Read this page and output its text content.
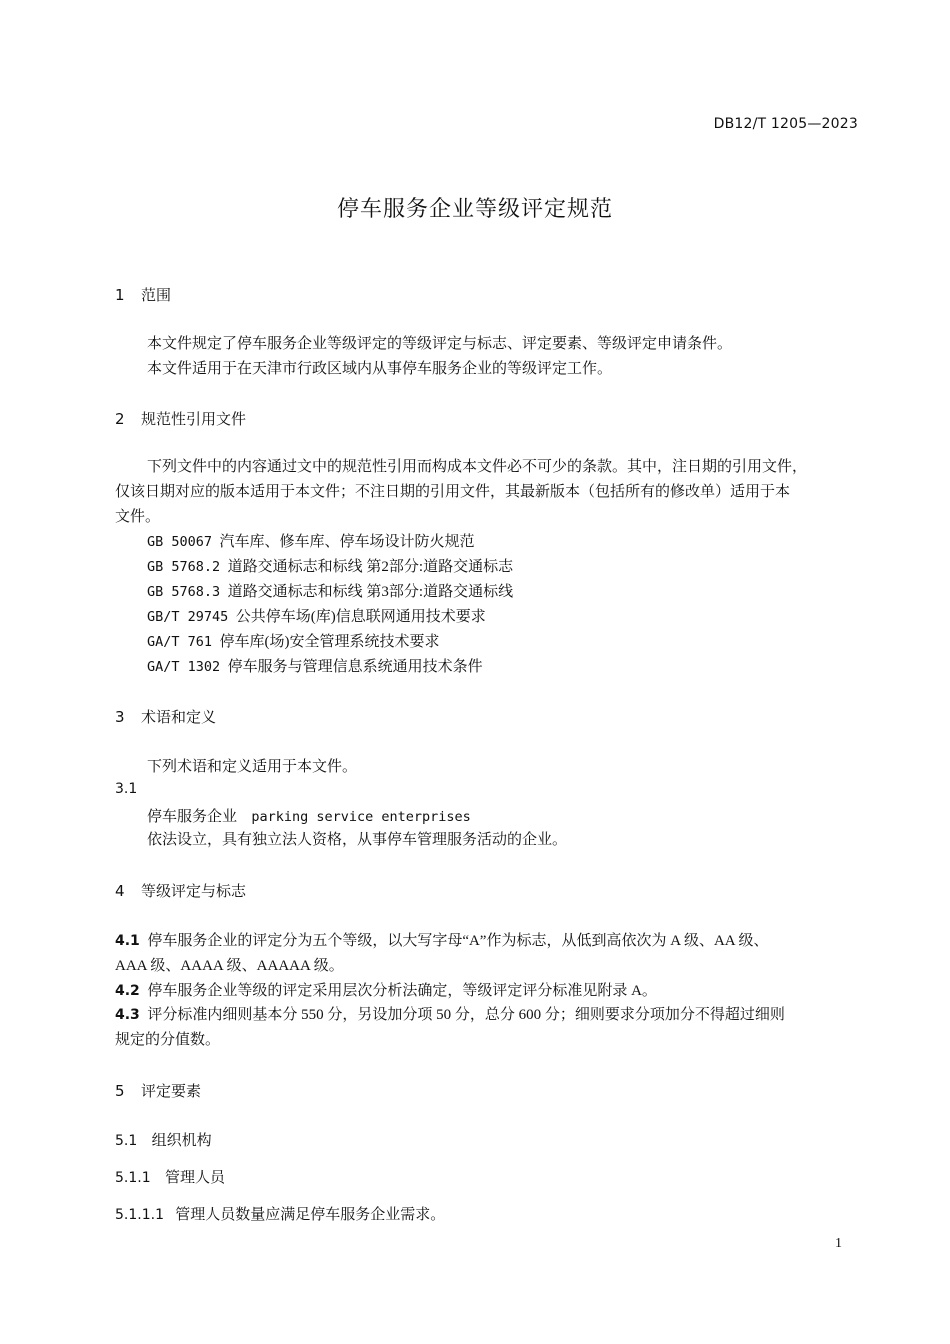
DB12/T 1205—2023
停车服务企业等级评定规范
1 范围
本文件规定了停车服务企业等级评定的等级评定与标志、评定要素、等级评定申请条件。
本文件适用于在天津市行政区域内从事停车服务企业的等级评定工作。
2 规范性引用文件
下列文件中的内容通过文中的规范性引用而构成本文件必不可少的条款。其中，注日期的引用文件，
仅该日期对应的版本适用于本文件；不注日期的引用文件，其最新版本（包括所有的修改单）适用于本
文件。
GB 50067 汽车库、修车库、停车场设计防火规范
GB 5768.2 道路交通标志和标线 第2部分:道路交通标志
GB 5768.3 道路交通标志和标线 第3部分:道路交通标线
GB/T 29745 公共停车场(库)信息联网通用技术要求
GA/T 761 停车库(场)安全管理系统技术要求
GA/T 1302 停车服务与管理信息系统通用技术条件
3 术语和定义
下列术语和定义适用于本文件。
3.1
停车服务企业 parking service enterprises
依法设立，具有独立法人资格，从事停车管理服务活动的企业。
4 等级评定与标志
4.1 停车服务企业的评定分为五个等级，以大写字母“A”作为标志，从低到高依次为 A 级、AA 级、
AAA 级、AAAA 级、AAAAA 级。
4.2 停车服务企业等级的评定采用层次分析法确定，等级评定评分标准见附录 A。
4.3 评分标准内细则基本分 550 分，另设加分项 50 分，总分 600 分；细则要求分项加分不得超过细则
规定的分值数。
5 评定要素
5.1 组织机构
5.1.1 管理人员
5.1.1.1 管理人员数量应满足停车服务企业需求。
1
